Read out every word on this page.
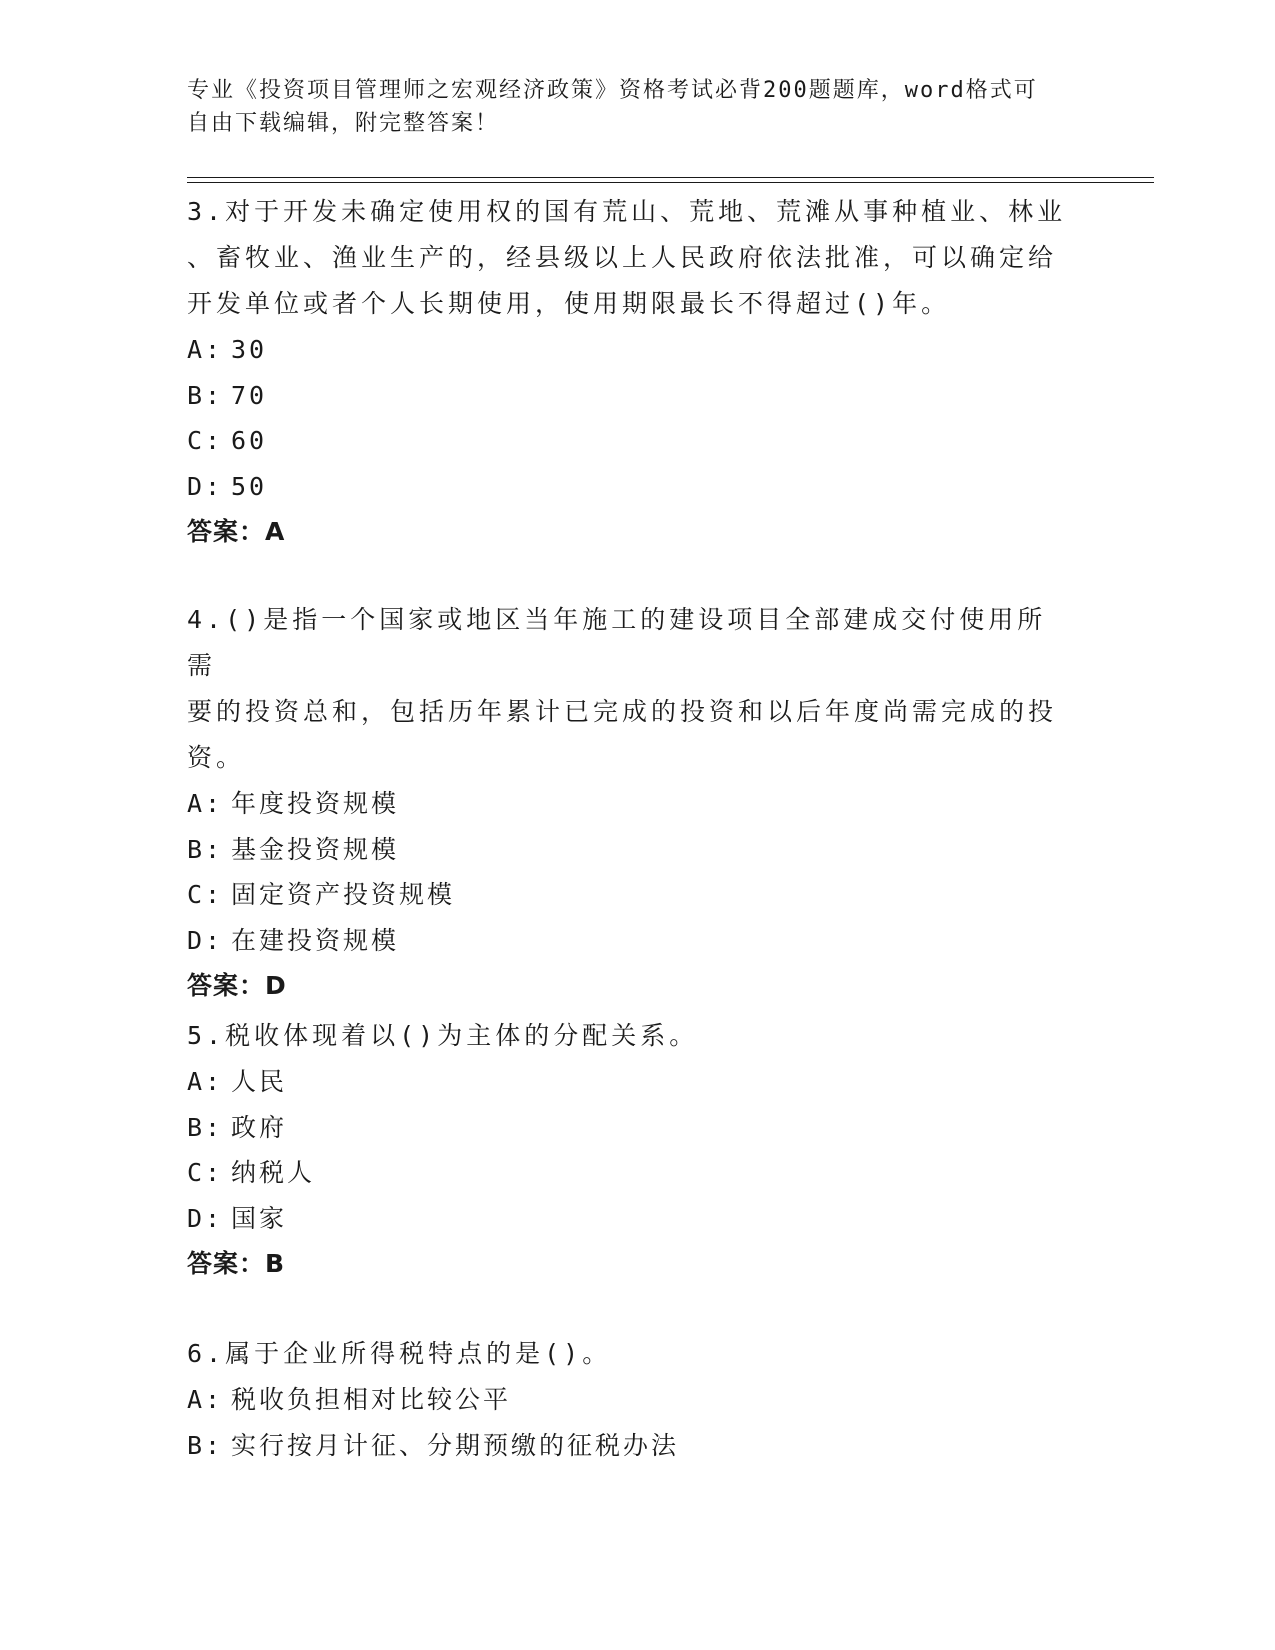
专业《投资项目管理师之宏观经济政策》资格考试必背200题题库，word格式可
自由下载编辑，附完整答案！
3.对于开发未确定使用权的国有荒山、荒地、荒滩从事种植业、林业
、畜牧业、渔业生产的，经县级以上人民政府依法批准，可以确定给
开发单位或者个人长期使用，使用期限最长不得超过()年。
A: 30
B: 70
C: 60
D: 50
答案：A
4.()是指一个国家或地区当年施工的建设项目全部建成交付使用所需
要的投资总和，包括历年累计已完成的投资和以后年度尚需完成的投
资。
A: 年度投资规模
B: 基金投资规模
C: 固定资产投资规模
D: 在建投资规模
答案：D
5.税收体现着以()为主体的分配关系。
A: 人民
B: 政府
C: 纳税人
D: 国家
答案：B
6.属于企业所得税特点的是()。
A: 税收负担相对比较公平
B: 实行按月计征、分期预缴的征税办法
